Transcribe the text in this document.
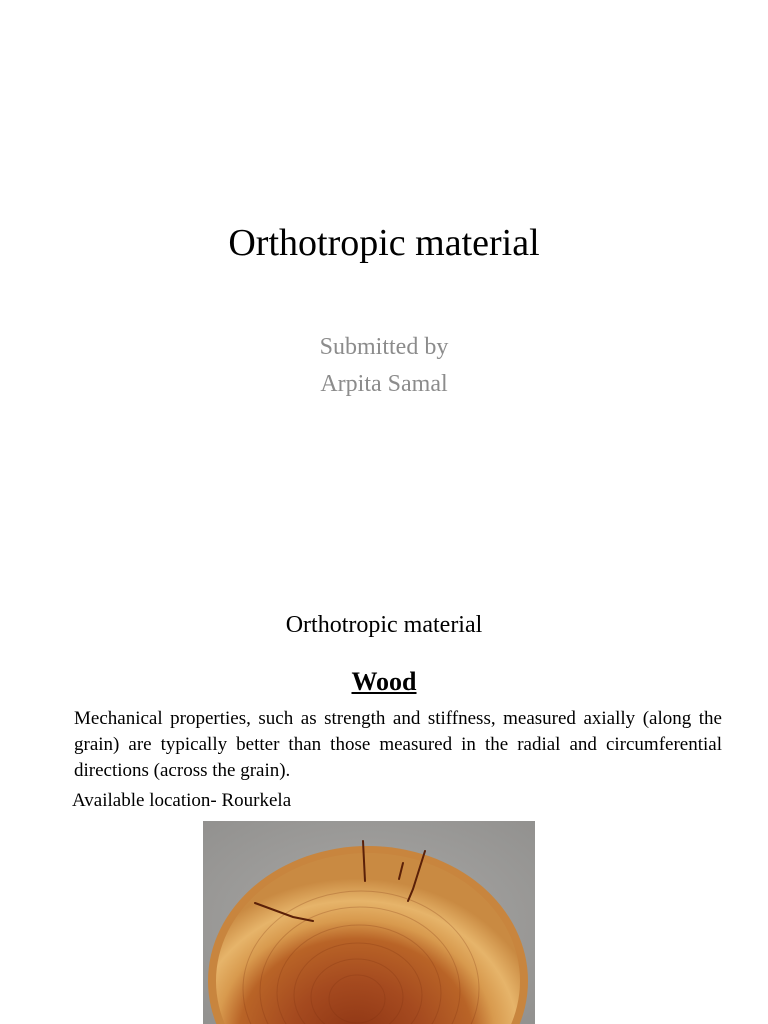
Orthotropic material
Submitted by
Arpita Samal
Orthotropic material
Wood
Mechanical properties, such as strength and stiffness, measured axially (along the grain) are typically better than those measured in the radial and circumferential directions (across the grain).
Available location- Rourkela
